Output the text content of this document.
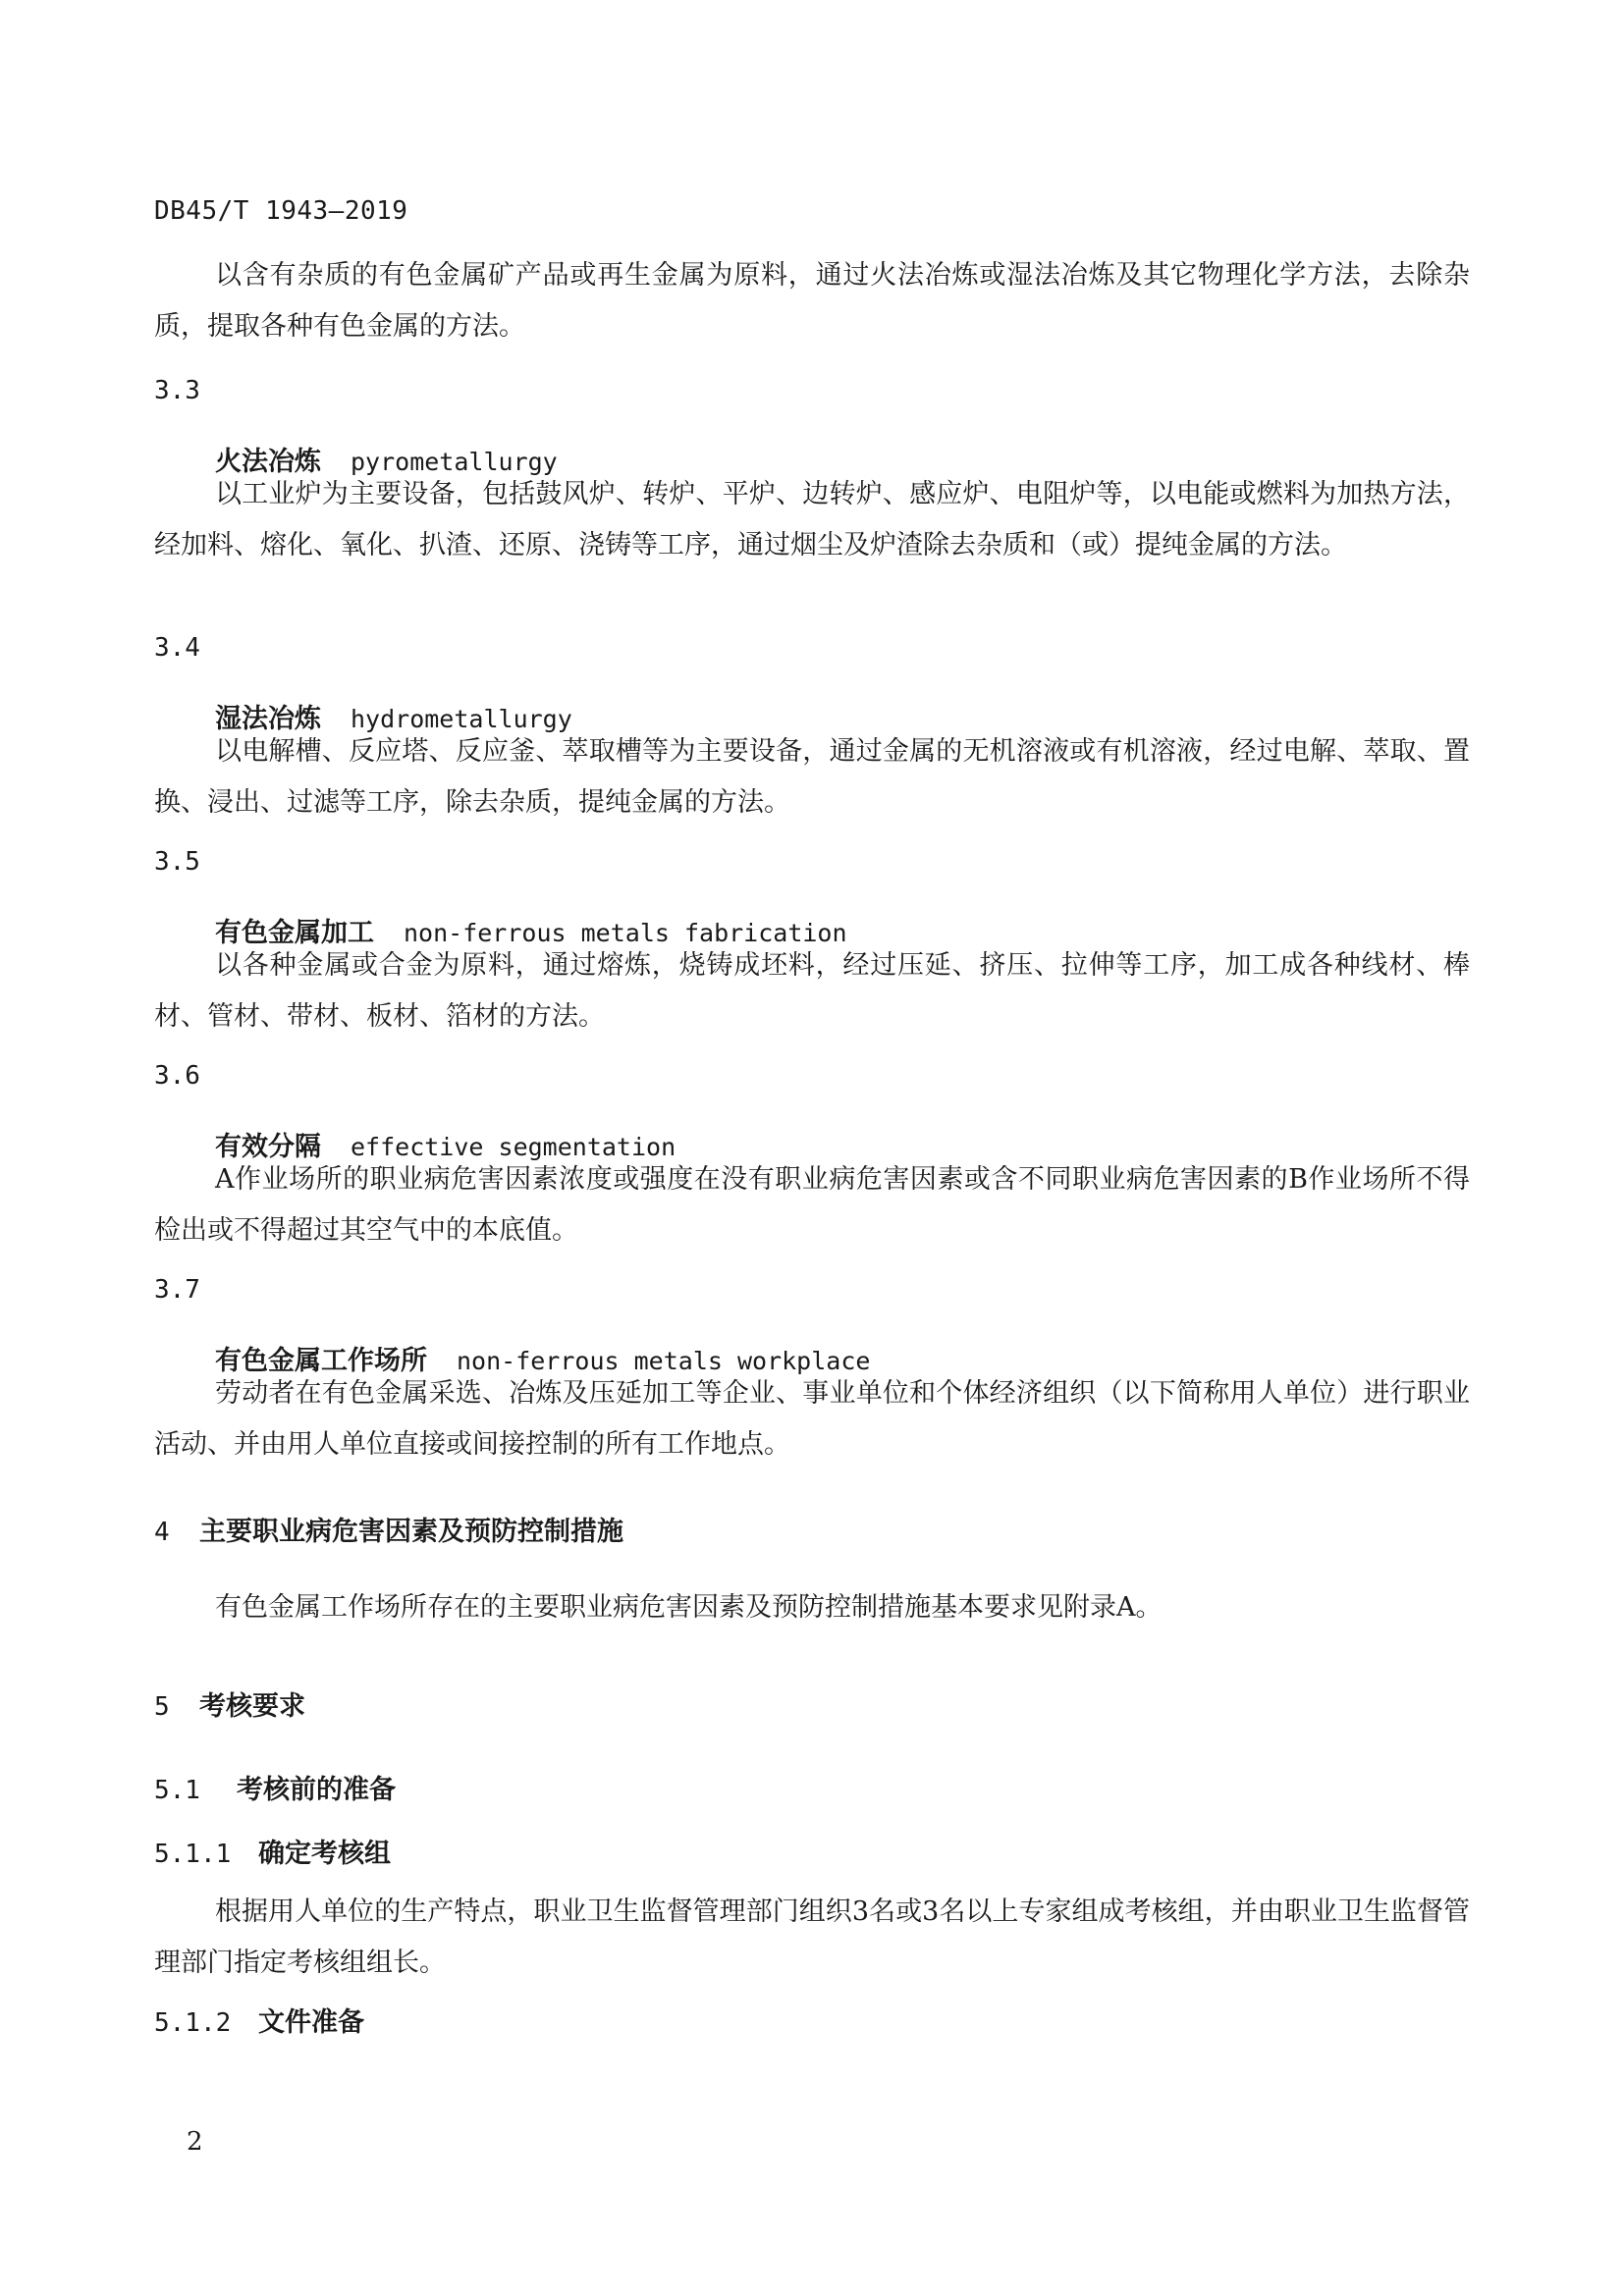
DB45/T 1943—2019

以含有杂质的有色金属矿产品或再生金属为原料，通过火法冶炼或湿法冶炼及其它物理化学方法，去除杂质，提取各种有色金属的方法。

3.3
火法冶炼 pyrometallurgy

以工业炉为主要设备，包括鼓风炉、转炉、平炉、边转炉、感应炉、电阻炉等，以电能或燃料为加热方法，经加料、熔化、氧化、扒渣、还原、浇铸等工序，通过烟尘及炉渣除去杂质和（或）提纯金属的方法。

3.4
湿法冶炼 hydrometallurgy

以电解槽、反应塔、反应釜、萃取槽等为主要设备，通过金属的无机溶液或有机溶液，经过电解、萃取、置换、浸出、过滤等工序，除去杂质，提纯金属的方法。

3.5
有色金属加工 non-ferrous metals fabrication

以各种金属或合金为原料，通过熔炼，烧铸成坯料，经过压延、挤压、拉伸等工序，加工成各种线材、棒材、管材、带材、板材、箔材的方法。

3.6
有效分隔 effective segmentation

A作业场所的职业病危害因素浓度或强度在没有职业病危害因素或含不同职业病危害因素的B作业场所不得检出或不得超过其空气中的本底值。

3.7
有色金属工作场所 non-ferrous metals workplace

劳动者在有色金属采选、冶炼及压延加工等企业、事业单位和个体经济组织（以下简称用人单位）进行职业活动、并由用人单位直接或间接控制的所有工作地点。

4 主要职业病危害因素及预防控制措施

有色金属工作场所存在的主要职业病危害因素及预防控制措施基本要求见附录A。

5 考核要求
5.1 考核前的准备
5.1.1 确定考核组

根据用人单位的生产特点，职业卫生监督管理部门组织3名或3名以上专家组成考核组，并由职业卫生监督管理部门指定考核组组长。

5.1.2 文件准备
2
